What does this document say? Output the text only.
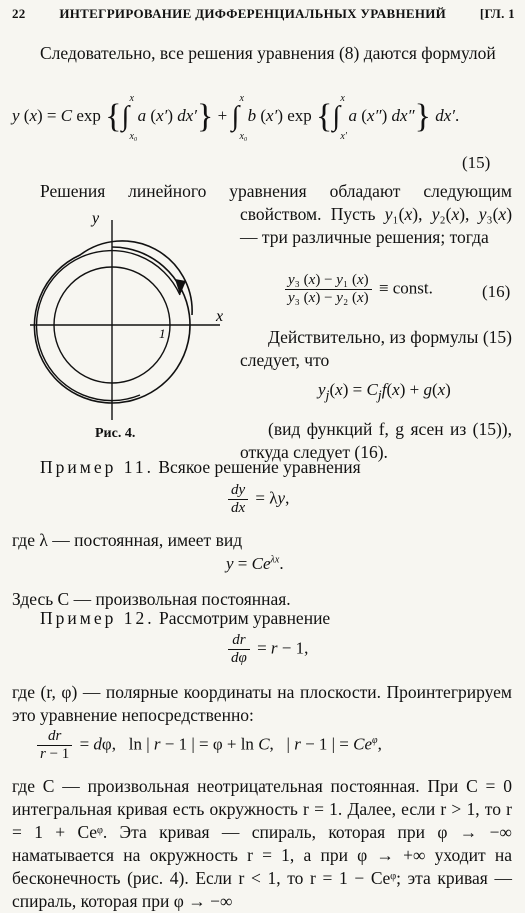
22	ИНТЕГРИРОВАНИЕ ДИФФЕРЕНЦИАЛЬНЫХ УРАВНЕНИЙ	[ГЛ. 1
Следовательно, все решения уравнения (8) даются формулой
y (x) = C exp {∫
x
x₀
a (x′) dx′} + ∫
x
x₀
b (x′) exp {∫
x
x′
a (x″) dx″} dx′.
(15)
Решения линейного уравнения обладают следующим
свойством. Пусть y₁(x), y₂(x), y₃(x) — три различные решения; тогда
$\frac{\text{y₃ (x) − y₁ (x)}}{\text{y₃ (x) − y₂ (x)}}$ ≡ const.	(16)
Действительно, из формулы (15) следует, что
$y_j(x) = C_jf(x) + g(x)$
(вид функций f, g ясен из (15)), откуда следует (16).
x
y
1
Рис. 4.
Пример 11. Всякое решение уравнения
$\frac{dy}{dx} = \lambda y$,
где λ — постоянная, имеет вид
$y = Ce^{\lambda x}$.
Здесь C — произвольная постоянная.
Пример 12. Рассмотрим уравнение
$\frac{dr}{d\varphi} = r - 1$,
где (r, φ) — полярные координаты на плоскости. Проинтегрируем это уравнение непосредственно:
$\frac{dr}{r - 1} = d\varphi$,   ln | r − 1 | = φ + ln C,   | r − 1 | = $Ce^\varphi$,
где C — произвольная неотрицательная постоянная. При C = 0 интегральная кривая есть окружность r = 1. Далее, если r > 1, то r = 1 + Ceᵠ. Эта кривая — спираль, которая при φ → −∞ наматывается на окружность r = 1, а при φ → +∞ уходит на бесконечность (рис. 4). Если r < 1, то r = 1 − Ceᵠ; эта кривая — спираль, которая при φ → −∞
